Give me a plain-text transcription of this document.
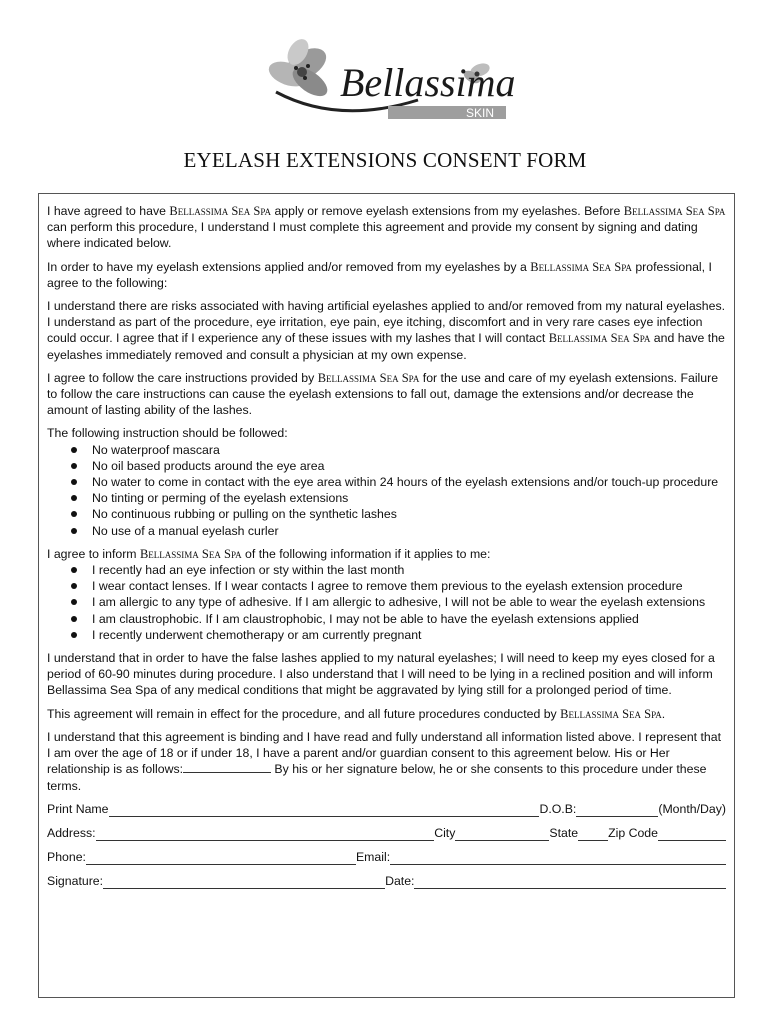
Bellassima
SKIN
EYELASH EXTENSIONS CONSENT FORM

I have agreed to have Bellassima Sea Spa apply or remove eyelash extensions from my eyelashes. Before Bellassima Sea Spa can perform this procedure, I understand I must complete this agreement and provide my consent by signing and dating where indicated below.

In order to have my eyelash extensions applied and/or removed from my eyelashes by a Bellassima Sea Spa professional, I agree to the following:

I understand there are risks associated with having artificial eyelashes applied to and/or removed from my natural eyelashes. I understand as part of the procedure, eye irritation, eye pain, eye itching, discomfort and in very rare cases eye infection could occur. I agree that if I experience any of these issues with my lashes that I will contact Bellassima Sea Spa and have the eyelashes immediately removed and consult a physician at my own expense.

I agree to follow the care instructions provided by Bellassima Sea Spa for the use and care of my eyelash extensions. Failure to follow the care instructions can cause the eyelash extensions to fall out, damage the extensions and/or decrease the amount of lasting ability of the lashes.

The following instruction should be followed:

No waterproof mascara
No oil based products around the eye area
No water to come in contact with the eye area within 24 hours of the eyelash extensions and/or touch-up procedure
No tinting or perming of the eyelash extensions
No continuous rubbing or pulling on the synthetic lashes
No use of a manual eyelash curler

I agree to inform Bellassima Sea Spa of the following information if it applies to me:

I recently had an eye infection or sty within the last month
I wear contact lenses. If I wear contacts I agree to remove them previous to the eyelash extension procedure
I am allergic to any type of adhesive. If I am allergic to adhesive, I will not be able to wear the eyelash extensions
I am claustrophobic. If I am claustrophobic, I may not be able to have the eyelash extensions applied
I recently underwent chemotherapy or am currently pregnant

I understand that in order to have the false lashes applied to my natural eyelashes; I will need to keep my eyes closed for a period of 60-90 minutes during procedure. I also understand that I will need to be lying in a reclined position and will inform Bellassima Sea Spa of any medical conditions that might be aggravated by lying still for a prolonged period of time.

This agreement will remain in effect for the procedure, and all future procedures conducted by Bellassima Sea Spa.

I understand that this agreement is binding and I have read and fully understand all information listed above. I represent that I am over the age of 18 or if under 18, I have a parent and/or guardian consent to this agreement below. His or Her relationship is as follows:	By his or her signature below, he or she consents to this procedure under these terms.

Print Name	D.O.B:	(Month/Day)
Address:	City	State Zip Code
Phone:	Email:
Signature:	Date:
